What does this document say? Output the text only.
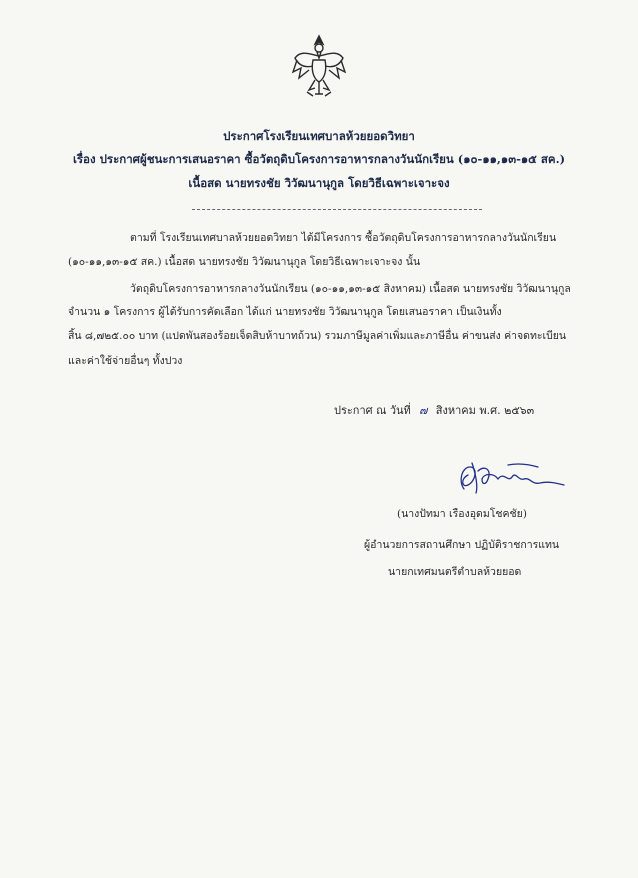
ประกาศโรงเรียนเทศบาลห้วยยอดวิทยา
เรื่อง ประกาศผู้ชนะการเสนอราคา ซื้อวัตถุดิบโครงการอาหารกลางวันนักเรียน (๑๐-๑๑,๑๓-๑๕ สค.)
เนื้อสด นายทรงชัย วิวัฒนานุกูล โดยวิธีเฉพาะเจาะจง
ตามที่ โรงเรียนเทศบาลห้วยยอดวิทยา ได้มีโครงการ ซื้อวัตถุดิบโครงการอาหารกลางวันนักเรียน
(๑๐-๑๑,๑๓-๑๕ สค.) เนื้อสด นายทรงชัย วิวัฒนานุกูล โดยวิธีเฉพาะเจาะจง นั้น
วัตถุดิบโครงการอาหารกลางวันนักเรียน (๑๐-๑๑,๑๓-๑๕ สิงหาคม) เนื้อสด นายทรงชัย วิวัฒนานุกูล
จำนวน ๑ โครงการ ผู้ได้รับการคัดเลือก ได้แก่ นายทรงชัย วิวัฒนานุกูล โดยเสนอราคา เป็นเงินทั้ง
สิ้น ๘,๗๒๕.๐๐ บาท (แปดพันสองร้อยเจ็ดสิบห้าบาทถ้วน) รวมภาษีมูลค่าเพิ่มและภาษีอื่น ค่าขนส่ง ค่าจดทะเบียน
และค่าใช้จ่ายอื่นๆ ทั้งปวง
ประกาศ ณ วันที่ ๗ สิงหาคม พ.ศ. ๒๕๖๓
(นางปัทมา เรืองอุดมโชคชัย)
ผู้อำนวยการสถานศึกษา ปฏิบัติราชการแทน
นายกเทศมนตรีตำบลห้วยยอด
